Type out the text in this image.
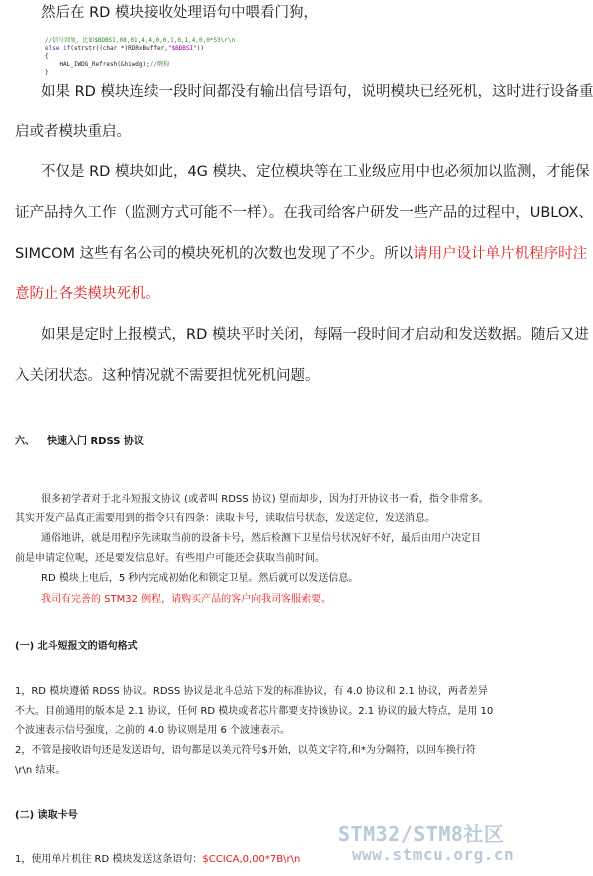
然后在 RD 模块接收处理语句中喂看门狗，
//信号回复，比如$BDBSI,08,01,4,4,0,0,1,0,1,4,0,0*53\r\n
else if(strstr((char *)RDRxBuffer,"$BDBSI"))
{
HAL_IWDG_Refresh(&hiwdg);//喂狗
}
如果 RD 模块连续一段时间都没有输出信号语句，说明模块已经死机，这时进行设备重
启或者模块重启。
不仅是 RD 模块如此，4G 模块、定位模块等在工业级应用中也必须加以监测，才能保
证产品持久工作（监测方式可能不一样）。在我司给客户研发一些产品的过程中，UBLOX、
SIMCOM 这些有名公司的模块死机的次数也发现了不少。所以请用户设计单片机程序时注
意防止各类模块死机。
如果是定时上报模式，RD 模块平时关闭，每隔一段时间才启动和发送数据。随后又进
入关闭状态。这种情况就不需要担忧死机问题。
六、 快速入门 RDSS 协议
很多初学者对于北斗短报文协议 (或者叫 RDSS 协议) 望而却步，因为打开协议书一看，指令非常多。
其实开发产品真正需要用到的指令只有四条：读取卡号，读取信号状态，发送定位，发送消息。
通俗地讲，就是用程序先读取当前的设备卡号，然后检测下卫星信号状况好不好，最后由用户决定目
前是申请定位呢，还是要发信息好。有些用户可能还会获取当前时间。
RD 模块上电后，5 秒内完成初始化和锁定卫星。然后就可以发送信息。
我司有完善的 STM32 例程，请购买产品的客户向我司客服索要。
(一) 北斗短报文的语句格式
1，RD 模块遵循 RDSS 协议。RDSS 协议是北斗总站下发的标准协议，有 4.0 协议和 2.1 协议，两者差异
不大。目前通用的版本是 2.1 协议，任何 RD 模块或者芯片都要支持该协议。2.1 协议的最大特点，是用 10
个波速表示信号强度，之前的 4.0 协议则是用 6 个波速表示。
2，不管是接收语句还是发送语句，语句都是以美元符号$开始，以英文字符,和*为分隔符，以回车换行符
\r\n 结束。
(二) 读取卡号
1，使用单片机往 RD 模块发送这条语句：$CCICA,0,00*7B\r\n
STM32/STM8社区
www.stmcu.org.cn
